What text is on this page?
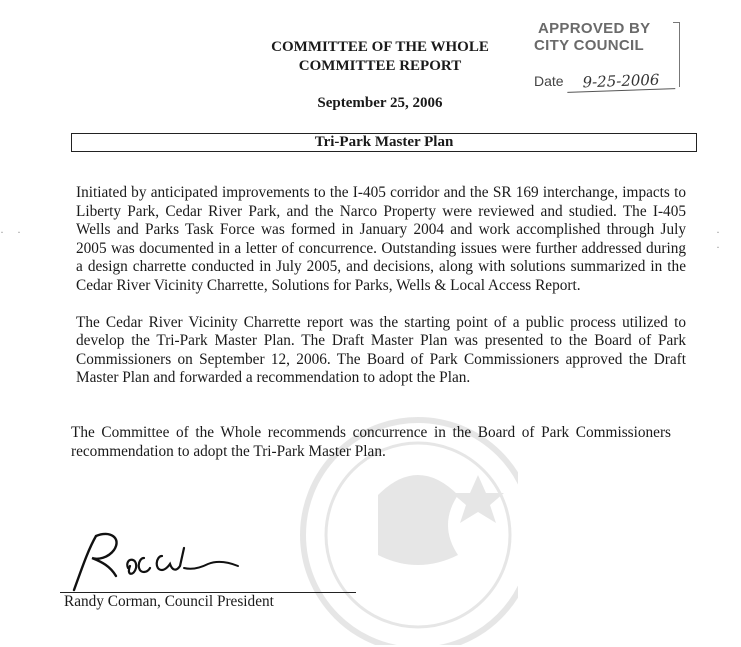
COMMITTEE OF THE WHOLE
COMMITTEE REPORT
APPROVED BY
CITY COUNCIL
Date 9-25-2006
September 25, 2006
Tri-Park Master Plan

Initiated by anticipated improvements to the I-405 corridor and the SR 169 interchange, impacts to Liberty Park, Cedar River Park, and the Narco Property were reviewed and studied. The I-405 Wells and Parks Task Force was formed in January 2004 and work accomplished through July 2005 was documented in a letter of concurrence. Outstanding issues were further addressed during a design charrette conducted in July 2005, and decisions, along with solutions summarized in the Cedar River Vicinity Charrette, Solutions for Parks, Wells & Local Access Report.

The Cedar River Vicinity Charrette report was the starting point of a public process utilized to develop the Tri-Park Master Plan. The Draft Master Plan was presented to the Board of Park Commissioners on September 12, 2006. The Board of Park Commissioners approved the Draft Master Plan and forwarded a recommendation to adopt the Plan.

The Committee of the Whole recommends concurrence in the Board of Park Commissioners recommendation to adopt the Tri-Park Master Plan.

Randy Corman, Council President
· ·	· ·
